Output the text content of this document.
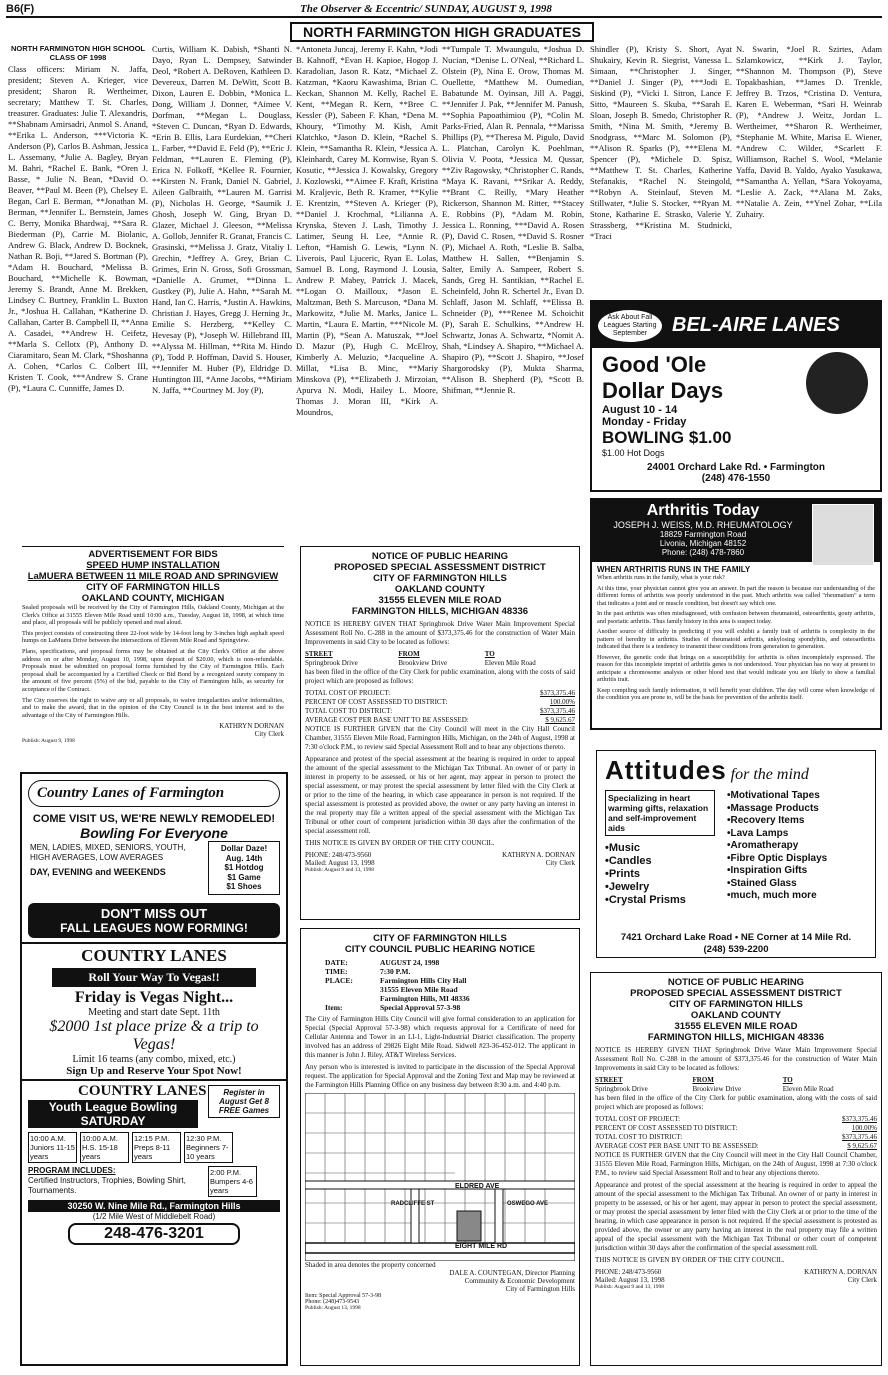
B6(F)	The Observer & Eccentric/ SUNDAY, AUGUST 9, 1998
NORTH FARMINGTON HIGH GRADUATES

NORTH FARMINGTON HIGH SCHOOL CLASS OF 1998

Class officers: Miriam N. Jaffa, president; Steven A. Krieger, vice president; Sharon R. Wertheimer, secretary; Matthew T. St. Charles, treasurer. Graduates: Julie T. Alexandris, **Shabnam Amirsadri, Anmol S. Anand, **Erika L. Anderson, ***Victoria K. Anderson (P), Carlos B. Ashman, Jessica L. Assemany, *Julie A. Bagley, Bryan M. Bahri, *Rachel E. Bank, *Oren J. Basse, * Julie N. Bean, *David O. Beaver, **Paul M. Been (P), Chelsey E. Began, Carl E. Berman, **Jonathan M. Berman, **Jennifer L. Bernstein, James C. Berry, Monika Bhardwaj, **Sara R. Biederman (P), Carrie M. Biolanic, Andrew G. Black, Andrew D. Bocknek, Nathan R. Boji, **Jared S. Bortman (P), *Adam H. Bouchard, *Melissa B. Bouchard, **Michelle K. Bowman, Jeremy S. Brandt, Anne M. Brekken, Lindsey C. Burtney, Franklin L. Buxton Jr., *Joshua H. Callahan, *Katherine D. Callahan, Carter B. Campbell II, **Anna A. Casadei, **Andrew H. Ceifetz, **Marla S. Cellotx (P), Anthony D. Ciaramitaro, Sean M. Clark, *Shoshanna A. Cohen, *Carlos C. Colbert III, Kristen T. Cook, ***Andrew S. Crane (P), *Laura C. Cunniffe, James D.

Curtis, William K. Dabish, *Shanti N. Dayo, Ryan L. Dempsey, Satwinder Deol, *Robert A. DeRoven, Kathleen D. Devereux, Darren M. DeWitt, Scott B. Dixon, Lauren E. Dobbin, *Monica L. Dong, William J. Donner, *Aimee V. Dorfman, **Megan L. Douglass, *Steven C. Duncan, *Ryan D. Edwards, *Erin B. Ellis, Lara Eurdekian, **Cheri L. Farber, **David E. Feld (P), **Eric J. Feldman, **Lauren E. Fleming (P), Erica N. Folkoff, *Kellee R. Fournier, **Kirsten N. Frank, Daniel N. Gabriel, Aileen Galbraith, **Lauren M. Garrisi (P), Nicholas H. George, *Saumik J. Ghosh, Joseph W. Ging, Bryan D. Glazer, Michael J. Gleeson, **Melissa A. Gollob, Jennifer R. Granat, Francis C. Grasinski, **Melissa J. Gratz, Vitaliy I. Grechin, *Jeffrey A. Grey, Brian C. Grimes, Erin N. Gross, Sofi Grossman, *Danielle A. Grumet, **Dinna L. Gustkey (P), Julie A. Hahn, **Sarah M. Hand, Ian C. Harris, *Justin A. Hawkins, Christian J. Hayes, Gregg J. Herning Jr., Emilie S. Herzberg, **Kelley C. Hevesay (P), *Joseph W. Hillebrand III, **Alyssa M. Hillman, **Rita M. Hindo (P), Todd P. Hoffman, David S. Houser, **Jennifer M. Huber (P), Eldridge D. Huntington III, *Anne Jacobs, **Miriam N. Jaffa, **Courtney M. Joy (P),

*Antoneta Juncaj, Jeremy F. Kahn, *Jodi B. Kahnoff, *Evan H. Kapioe, Hogop J. Karadolian, Jason R. Katz, *Michael Z. Katzman, *Kaoru Kawashima, Brian C. Keckan, Shannon M. Kelly, Rachel E. Kent, **Megan R. Kern, **Bree C. Kessler (P), Sabeen F. Khan, *Dena M. Khoury, *Timothy M. Kish, Amit Klatchko, *Jason D. Klein, *Rachel S. Klein, **Samantha R. Klein, *Jessica A. Kleinhardt, Carey M. Kornwise, Ryan S. Kosutic, **Jessica J. Kowalsky, Gregory J. Kozlowski, **Aimee F. Kraft, Kristina M. Kraljevic, Beth R. Kramer, **Kylie E. Krentzin, **Steven A. Krieger (P), **Daniel J. Krochmal, *Lilianna A. Krynska, Steven J. Lash, Timothy J. Latimer, Seung H. Lee, *Annie R. Lefton, *Hamish G. Lewis, *Lynn N. Liverois, Paul Ljuceric, Ryan E. Lolas, Samuel B. Long, Raymond J. Lousia, Andrew P. Mabey, Patrick J. Macek, **Logan O. Mailloux, *Jason E. Maltzman, Beth S. Marcuson, *Dana M. Markowitz, *Julie M. Marks, Janice L. Martin, *Laura E. Martin, ***Nicole M. Martin (P), *Sean A. Matuszak, **Joel D. Mazur (P), Hugh C. McElroy, Kimberly A. Meluzio, *Jacqueline A. Millat, *Lisa B. Minc, **Mariy Minskova (P), **Elizabeth J. Mirzoian, Apurva N. Modi, Hailey L. Moore, Thomas J. Moran III, *Kirk A. Moundros,

**Tumpale T. Mwaungulu, *Joshua D. Nucian, *Denise L. O'Neal, **Richard L. Olstein (P), Nina E. Orow, Thomas M. Ouellette, *Matthew M. Oumedian, Babatunde M. Oyinsan, Jill A. Paggi, **Jennifer J. Pak, **Jennifer M. Panush, **Sophia Papoathimiou (P), *Colin M. Parks-Fried, Alan R. Pennala, **Marissa Phillips (P), **Theresa M. Pigulo, David L. Platchan, Carolyn K. Poehlman, Olivia V. Poota, *Jessica M. Qussar, **Ziv Ragowsky, *Christopher C. Rands, *Maya K. Ravani, **Srikar A. Reddy, **Brant C. Reilly, *Mary Heather Rickerson, Shannon M. Ritter, **Stacey E. Robbins (P), *Adam M. Robin, Jessica L. Ronning, ***David A. Rosen (P), David C. Rosen, **David S. Rosner (P), Michael A. Roth, *Leslie B. Salba, Matthew H. Sallen, **Benjamin S. Salter, Emily A. Sampeer, Robert S. Sands, Greg H. Santikian, **Rachel E. Scheinfeld, John R. Schertel Jr., Evan D. Schlaff, Jason M. Schlaff, **Elissa B. Schneider (P), ***Renee M. Schoichit (P), Sarah E. Schulkins, **Andrew H. Schwartz, Jonas A. Schwartz, *Nomit A. Shah, *Lindsey A. Shapiro, **Michael A. Shapiro (P), **Scott J. Shapiro, **Josef Shargorodsky (P), Mukta Sharma, **Alison B. Shepherd (P), *Scott B. Shifman, **Jennie R.

Shindler (P), Kristy S. Short, Ayat Shukairy, Kevin R. Siegrist, Vanessa L. Simaan, **Christopher J. Singer, **Daniel J. Singer (P), ***Jodi E. Siskind (P), *Vicki I. Sitron, Lance F. Sitto, *Maureen S. Skuba, **Sarah E. Sloan, Joseph B. Smedo, Christopher R. Smith, *Nina M. Smith, *Jeremy B. Snodgrass, **Marc M. Solomon (P), **Alison R. Sparks (P), ***Elena M. Spencer (P), *Michele D. Spisz, **Matthew T. St. Charles, Katherine Stefanakis, *Rachel N. Steingold, **Robyn A. Steinlauf, Steven M. Stillwater, *Julie S. Stocker, **Ryan M. Stone, Katharine E. Strasko, Valerie Y. Strassberg, **Kristina M. Studnicki, *Traci

N. Swarin, *Joel R. Szirtes, Adam Szlamkowicz, **Kirk J. Taylor, **Shannon M. Thompson (P), Steve Topakbashian, **James D. Trenkle, Jeffrey B. Trzos, *Cristina D. Ventura, Karen E. Weberman, *Sari H. Weinrab (P), *Andrew J. Weitz, Jordan L. Wertheimer, **Sharon R. Wertheimer, *Stephanie M. White, Marisa E. Wiener, *Andrew C. Wilder, *Scarlett F. Williamson, Rachel S. Wool, *Melanie Yaffa, David B. Yaldo, Ayako Yasukawa, **Samantha A. Yellan, *Sara Yokoyama, *Leslie A. Zack, **Alana M. Zaks, **Natalie A. Zein, **Ynel Zohar, **Lila Zuhairy.

Ask About Fall Leagues Starting September	BEL-AIRE LANES
Good 'Ole
Dollar Days
August 10 - 14
Monday - Friday
BOWLING $1.00
$1.00 Hot Dogs
24001 Orchard Lake Rd. • Farmington
(248) 476-1550
Arthritis Today
JOSEPH J. WEISS, M.D. RHEUMATOLOGY
18829 Farmington Road
Livonia, Michigan 48152
Phone: (248) 478-7860
WHEN ARTHRITIS RUNS IN THE FAMILY

When arthritis runs in the family, what is your risk?

At this time, your physician cannot give you an answer. In part the reason is because our understanding of the different forms of arthritis was poorly understood in the past. Much arthritis was called "rheumatism" a term that indicates a joint and or muscle condition, but doesn't say which one.

In the past arthritis was often misdiagnosed, with confusion between rheumatoid, osteoarthritis, gouty arthritis, and psoriatic arthritis. Thus family history in this area is suspect today.

Another source of difficulty in predicting if you will exhibit a family trait of arthritis is complexity in the pattern of heredity in arthritis. Studies of rheumatoid arthritis, ankylosing spondylitis, and osteoarthritis indicated that there is a tendency to transmit these conditions from generation to generation.

However, the genetic code that brings on a susceptibility for arthritis is often incompletely expressed. The reason for this incomplete imprint of arthritis genes is not understood. Your physician has no way at present to anticipate a chromosome analysis or other blood test that would indicate you are likely to show a familial arthritis trait.

Keep compiling such family information, it will benefit your children. The day will come when knowledge of the condition you are prone to, will be the basis for prevention of the arthritis itself.

Attitudes for the mind
Specializing in heart warming gifts, relaxation and self-improvement aids
•Music
•Candles
•Prints
•Jewelry
•Crystal Prisms
•Motivational Tapes
•Massage Products
•Recovery Items
•Lava Lamps
•Aromatherapy
•Fibre Optic Displays
•Inspiration Gifts
•Stained Glass
•much, much more
7421 Orchard Lake Road • NE Corner at 14 Mile Rd.
(248) 539-2200
ADVERTISEMENT FOR BIDS
SPEED HUMP INSTALLATION
LaMUERA BETWEEN 11 MILE ROAD AND SPRINGVIEW
CITY OF FARMINGTON HILLS
OAKLAND COUNTY, MICHIGAN

Sealed proposals will be received by the City of Farmington Hills, Oakland County, Michigan at the Clerk's Office at 31555 Eleven Mile Road until 10:00 a.m., Tuesday, August 18, 1998, at which time and place, all proposals will be publicly opened and read aloud.

This project consists of constructing three 22-foot wide by 14-foot long by 3-inches high asphalt speed humps on LaMuera Drive between the intersections of Eleven Mile Road and Springview.

Plans, specifications, and proposal forms may be obtained at the City Clerk's Office at the above address on or after Monday, August 10, 1998, upon deposit of $20.00, which is non-refundable. Proposals must be submitted on proposal forms furnished by the City of Farmington Hills. Each proposal shall be accompanied by a Certified Check or Bid Bond by a recognized surety company in the amount of five percent (5%) of the bid, payable to the City of Farmington hills, as security for acceptance of the Contract.

The City reserves the right to waive any or all proposals, to waive irregularities and/or informalities, and to make the award, that in the opinion of the City Council is in the best interest and to the advantage of the City of Farmington Hills.

KATHRYN DORNAN
City Clerk
Publish: August 9, 1998
Country Lanes of Farmington
COME VISIT US, WE'RE NEWLY REMODELED!
Bowling For Everyone
MEN, LADIES, MIXED, SENIORS, YOUTH, HIGH AVERAGES, LOW AVERAGES
DAY, EVENING and WEEKENDS
Dollar Daze!
Aug. 14th
$1 Hotdog
$1 Game
$1 Shoes
DON'T MISS OUT
FALL LEAGUES NOW FORMING!
COUNTRY LANES
Roll Your Way To Vegas!!
Friday is Vegas Night...
Meeting and start date Sept. 11th
$2000 1st place prize & a trip to Vegas!
Limit 16 teams (any combo, mixed, etc.)
Sign Up and Reserve Your Spot Now!
COUNTRY LANES
Youth League Bowling
SATURDAY
Register in August Get 8 FREE Games
10:00 A.M. Juniors 11-15 years
10:00 A.M. H.S. 15-18 years
12:15 P.M. Preps 8-11 years
12:30 P.M. Beginners 7-10 years
PROGRAM INCLUDES:
Certified Instructors, Trophies, Bowling Shirt, Tournaments.
2:00 P.M. Bumpers 4-6 years
30250 W. Nine Mile Rd., Farmington Hills
(1/2 Mile West of Middlebelt Road)
248-476-3201
NOTICE OF PUBLIC HEARING
PROPOSED SPECIAL ASSESSMENT DISTRICT
CITY OF FARMINGTON HILLS
OAKLAND COUNTY
31555 ELEVEN MILE ROAD
FARMINGTON HILLS, MICHIGAN 48336

NOTICE IS HEREBY GIVEN THAT Springbrook Drive Water Main Improvement Special Assessment Roll No. C-288 in the amount of $373,375.46 for the construction of Water Main Improvements in said City to be located as follows:

STREET	FROM	TO
Springbrook Drive	Brookview Drive	Eleven Mile Road

has been filed in the office of the City Clerk for public examination, along with the costs of said project which are proposed as follows:

TOTAL COST OF PROJECT:	$373,375.46
PERCENT OF COST ASSESSED TO DISTRICT:	100.00%
TOTAL COST TO DISTRICT:	$373,375.46
AVERAGE COST PER BASE UNIT TO BE ASSESSED:	$ 9,625.67

NOTICE IS FURTHER GIVEN that the City Council will meet in the City Hall Council Chamber, 31555 Eleven Mile Road, Farmington Hills, Michigan, on the 24th of August, 1998 at 7:30 o'clock P.M., to review said Special Assessment Roll and to hear any objections thereto.

Appearance and protest of the special assessment at the hearing is required in order to appeal the amount of the special assessment to the Michigan Tax Tribunal. An owner of or party in interest in property to be assessed, or his or her agent, may appear in person to protect the special assessment, or may protest the special assessment by letter filed with the City Clerk at or prior to the time of the hearing, in which case appearance in person is not required. If the special assessment is protested as provided above, the owner or any party having an interest in the real property may file a written appeal of the special assessment with the Michigan Tax Tribunal or other court of competent jurisdiction within 30 days after the confirmation of the special assessment roll.

THIS NOTICE IS GIVEN BY ORDER OF THE CITY COUNCIL.

PHONE: 248/473-9560
Mailed: August 13, 1998
KATHRYN A. DORNAN
City Clerk
Publish: August 9 and 13, 1998
CITY OF FARMINGTON HILLS
CITY COUNCIL PUBLIC HEARING NOTICE
DATE:	AUGUST 24, 1998
TIME:	7:30 P.M.
PLACE:	Farmington Hills City Hall
	31555 Eleven Mile Road
	Farmington Hills, MI 48336
Item:	Special Approval 57-3-98

The City of Farmington Hills City Council will give formal consideration to an application for Special (Special Approval 57-3-98) which requests approval for a Certificate of need for Cellular Antenna and Tower in an LI-1, Light-Industrial District classification. The property involved has an address of 29826 Eight Mile Road. Sidwell #23-36-452-012. The applicant in this manner is John J. Riley, AT&T Wireless Services.

Any person who is interested is invited to participate in the discussion of the Special Approval request. The application for Special Approval and the Zoning Text and Map may be reviewed at the Farmington Hills Planning Office on any business day between 8:30 a.m. and 4:40 p.m.

ELDRED AVE
EIGHT MILE RD
RADCLIFFE ST	OSWEGO AVE
Shaded in area denotes the property concerned
DALE A. COUNTEGAN, Director Planning
Community & Economic Development
City of Farmington Hills
Item: Special Approval 57-3-98
Phone: (248)473-9543
Publish: August 13, 1998
NOTICE OF PUBLIC HEARING
PROPOSED SPECIAL ASSESSMENT DISTRICT
CITY OF FARMINGTON HILLS
OAKLAND COUNTY
31555 ELEVEN MILE ROAD
FARMINGTON HILLS, MICHIGAN 48336

NOTICE IS HEREBY GIVEN THAT Springbrook Drive Water Main Improvement Special Assessment Roll No. C-288 in the amount of $373,375.46 for the construction of Water Main Improvements in said City to be located as follows:

STREET	FROM	TO
Springbrook Drive	Brookview Drive	Eleven Mile Road

has been filed in the office of the City Clerk for public examination, along with the costs of said project which are proposed as follows:

TOTAL COST OF PROJECT:	$373,375.46
PERCENT OF COST ASSESSED TO DISTRICT:	100.00%
TOTAL COST TO DISTRICT:	$373,375.46
AVERAGE COST PER BASE UNIT TO BE ASSESSED:	$ 9,625.67

NOTICE IS FURTHER GIVEN that the City Council will meet in the City Hall Council Chamber, 31555 Eleven Mile Road, Farmington Hills, Michigan, on the 24th of August, 1998 at 7:30 o'clock P.M., to review said Special Assessment Roll and to hear any objections thereto.

Appearance and protest of the special assessment at the hearing is required in order to appeal the amount of the special assessment to the Michigan Tax Tribunal. An owner of or party in interest in property to be assessed, or his or her agent, may appear in person to protect the special assessment, or may protest the special assessment by letter filed with the City Clerk at or prior to the time of the hearing, in which case appearance in person is not required. If the special assessment is protested as provided above, the owner or any party having an interest in the real property may file a written appeal of the special assessment with the Michigan Tax Tribunal or other court of competent jurisdiction within 30 days after the confirmation of the special assessment roll.

THIS NOTICE IS GIVEN BY ORDER OF THE CITY COUNCIL.

PHONE: 248/473-9560
Mailed: August 13, 1998
KATHRYN A. DORNAN
City Clerk
Publish: August 9 and 13, 1998
